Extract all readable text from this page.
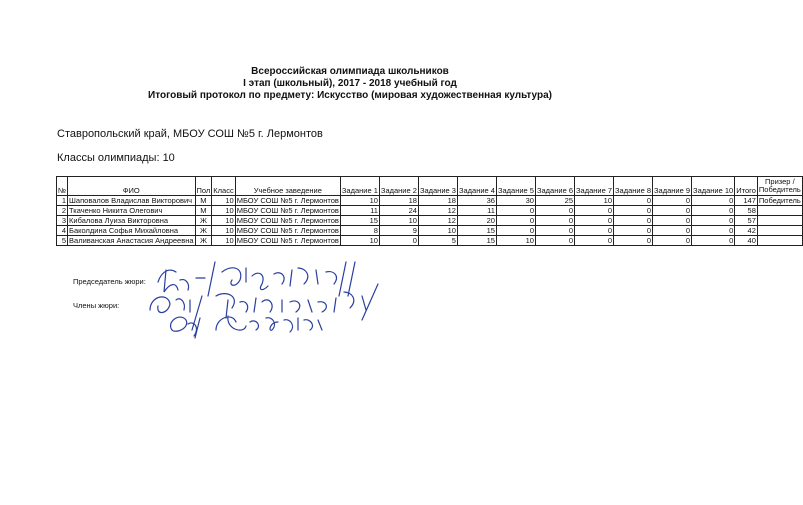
Всероссийская олимпиада школьников
I этап (школьный), 2017 - 2018 учебный год
Итоговый протокол по предмету: Искусство (мировая художественная культура)
Ставропольский край, МБОУ СОШ №5 г. Лермонтов
Классы олимпиады: 10
№	ФИО	Пол	Класс	Учебное заведение	Задание 1	Задание 2	Задание 3	Задание 4	Задание 5	Задание 6	Задание 7	Задание 8	Задание 9	Задание 10	Итого	Призер / Победитель
1	Шаповалов Владислав Викторович	М	10	МБОУ СОШ №5 г. Лермонтов	10	18	18	36	30	25	10	0	0	0	147	Победитель
2	Ткаченко Никита Олегович	М	10	МБОУ СОШ №5 г. Лермонтов	11	24	12	11	0	0	0	0	0	0	58	
3	Кибалова Луиза Викторовна	Ж	10	МБОУ СОШ №5 г. Лермонтов	15	10	12	20	0	0	0	0	0	0	57	
4	Баколдина Софья Михайловна	Ж	10	МБОУ СОШ №5 г. Лермонтов	8	9	10	15	0	0	0	0	0	0	42	
5	Валиванская Анастасия Андреевна	Ж	10	МБОУ СОШ №5 г. Лермонтов	10	0	5	15	10	0	0	0	0	0	40	
Председатель жюри:
Члены жюри:
